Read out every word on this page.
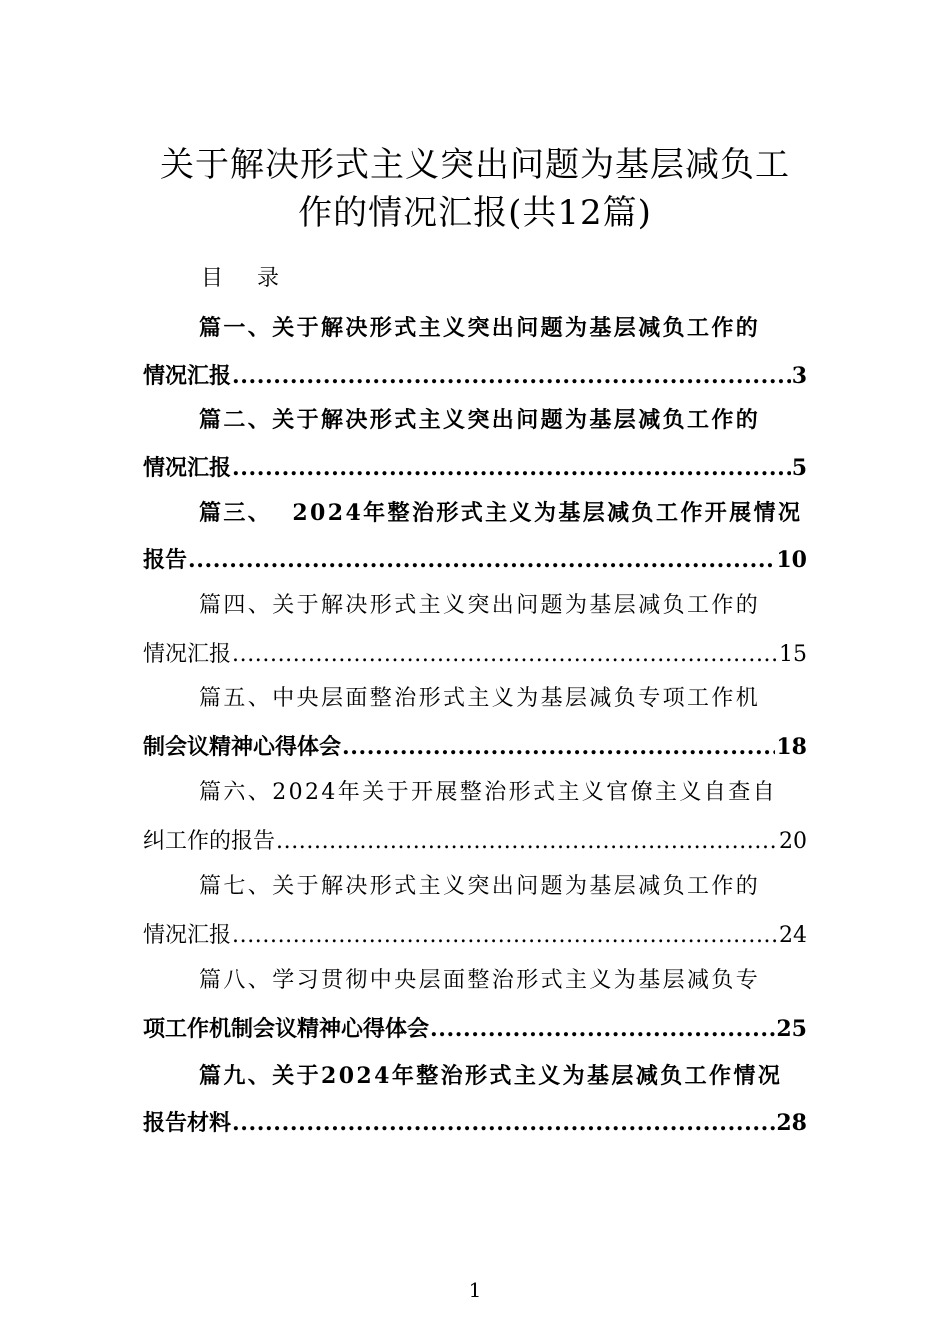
关于解决形式主义突出问题为基层减负工
作的情况汇报(共12篇)
目 录
篇一、关于解决形式主义突出问题为基层减负工作的
情况汇报 .....	3
篇二、关于解决形式主义突出问题为基层减负工作的
情况汇报 .....	5
篇三、  2024年整治形式主义为基层减负工作开展情况
报告 .....	10
篇四、关于解决形式主义突出问题为基层减负工作的
情况汇报 .....	15
篇五、中央层面整治形式主义为基层减负专项工作机
制会议精神心得体会 .....	18
篇六、2024年关于开展整治形式主义官僚主义自查自
纠工作的报告 .....	20
篇七、关于解决形式主义突出问题为基层减负工作的
情况汇报 .....	24
篇八、学习贯彻中央层面整治形式主义为基层减负专
项工作机制会议精神心得体会 .....	25
篇九、关于2024年整治形式主义为基层减负工作情况
报告材料 .....	28
1
